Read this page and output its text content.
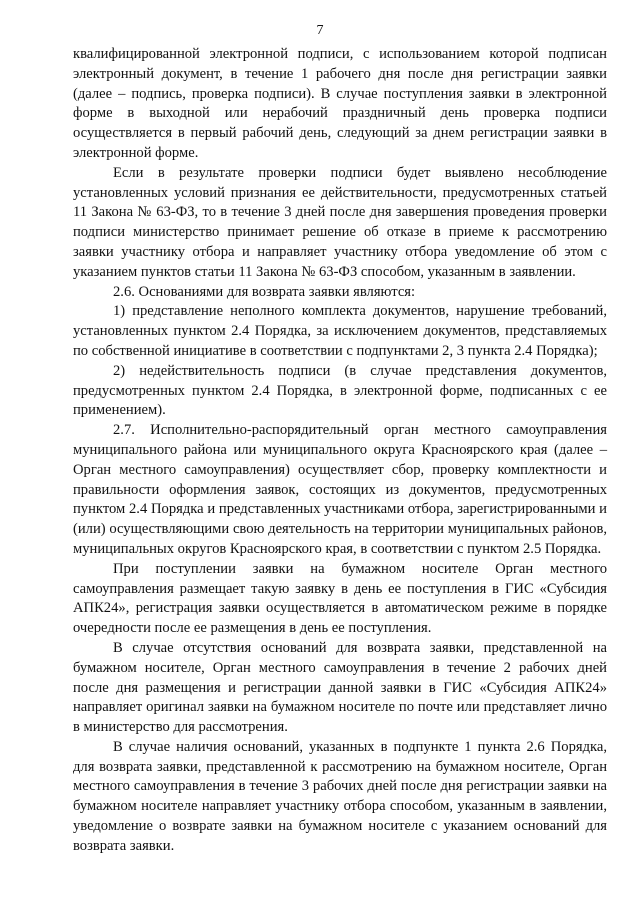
7

квалифицированной электронной подписи, с использованием которой подписан электронный документ, в течение 1 рабочего дня после дня регистрации заявки (далее – подпись, проверка подписи). В случае поступления заявки в электронной форме в выходной или нерабочий праздничный день проверка подписи осуществляется в первый рабочий день, следующий за днем регистрации заявки в электронной форме.

Если в результате проверки подписи будет выявлено несоблюдение установленных условий признания ее действительности, предусмотренных статьей 11 Закона № 63-ФЗ, то в течение 3 дней после дня завершения проведения проверки подписи министерство принимает решение об отказе в приеме к рассмотрению заявки участнику отбора и направляет участнику отбора уведомление об этом с указанием пунктов статьи 11 Закона № 63-ФЗ способом, указанным в заявлении.

2.6. Основаниями для возврата заявки являются:

1) представление неполного комплекта документов, нарушение требований, установленных пунктом 2.4 Порядка, за исключением документов, представляемых по собственной инициативе в соответствии с подпунктами 2, 3 пункта 2.4 Порядка);

2) недействительность подписи (в случае представления документов, предусмотренных пунктом 2.4 Порядка, в электронной форме, подписанных с ее применением).

2.7. Исполнительно-распорядительный орган местного самоуправления муниципального района или муниципального округа Красноярского края (далее – Орган местного самоуправления) осуществляет сбор, проверку комплектности и правильности оформления заявок, состоящих из документов, предусмотренных пунктом 2.4 Порядка и представленных участниками отбора, зарегистрированными и (или) осуществляющими свою деятельность на территории муниципальных районов, муниципальных округов Красноярского края, в соответствии с пунктом 2.5 Порядка.

При поступлении заявки на бумажном носителе Орган местного самоуправления размещает такую заявку в день ее поступления в ГИС «Субсидия АПК24», регистрация заявки осуществляется в автоматическом режиме в порядке очередности после ее размещения в день ее поступления.

В случае отсутствия оснований для возврата заявки, представленной на бумажном носителе, Орган местного самоуправления в течение 2 рабочих дней после дня размещения и регистрации данной заявки в ГИС «Субсидия АПК24» направляет оригинал заявки на бумажном носителе по почте или представляет лично в министерство для рассмотрения.

В случае наличия оснований, указанных в подпункте 1 пункта 2.6 Порядка, для возврата заявки, представленной к рассмотрению на бумажном носителе, Орган местного самоуправления в течение 3 рабочих дней после дня регистрации заявки на бумажном носителе направляет участнику отбора способом, указанным в заявлении, уведомление о возврате заявки на бумажном носителе с указанием оснований для возврата заявки.
